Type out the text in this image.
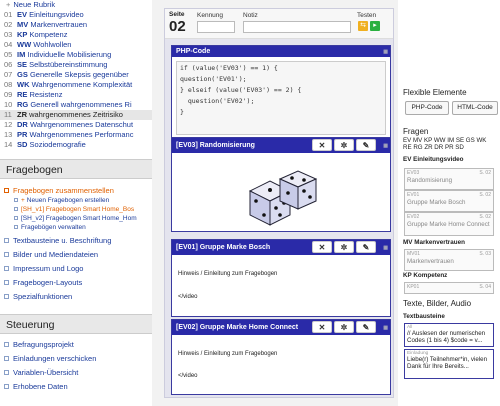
+ Neue Rubrik
01 EV Einleitungsvideo
02 MV Markenvertrauen
03 KP Kompetenz
04 WW Wohlwollen
05 IM Individuelle Mobilisierung
06 SE Selbstübereinstimmung
07 GS Generelle Skepsis gegenüber
08 WK Wahrgenommene Komplexität
09 RE Resistenz
10 RG Generell wahrgenommenes Ri
11 ZR wahrgenommenes Zeitrisiko
12 DR Wahrgenommenes Datenschut
13 PR Wahrgenommenes Performanc
14 SD Soziodemografie
Fragebogen
Fragebogen zusammenstellen
+ Neuen Fragebogen erstellen
[SH_v1] Fragebogen Smart Home_Bos
[SH_v2] Fragebogen Smart Home_Hom
Fragebögen verwalten
Textbausteine u. Beschriftung
Bilder und Mediendateien
Impressum und Logo
Fragebogen-Layouts
Spezialfunktionen
Steuerung
Befragungsprojekt
Einladungen verschicken
Variablen-Übersicht
Erhobene Daten
Seite
02
Kennung	Notiz	Testen
⇆	▸
PHP-Code	▦
if (value('EV03') == 1) {
question('EV01');
} elseif (value('EV03') == 2) {
question('EV02');
}
[EV03] Randomisierung	✕	✲	✎	▦
[EV01] Gruppe Marke Bosch	✕	✲	✎	▦
Hinweis / Einleitung zum Fragebogen
</video
[EV02] Gruppe Marke Home Connect	✕	✲	✎	▦
Hinweis / Einleitung zum Fragebogen
</video
Flexible Elemente
PHP-Code	HTML-Code
Fragen
EV MV KP WW IM SE GS WK RE RG ZR DR PR SD
EV Einleitungsvideo
EV03	S. 02
Randomisierung
EV01	S. 02
Gruppe Marke Bosch
EV02	S. 02
Gruppe Marke Home Connect
MV Markenvertrauen
MV01	S. 03
Markenvertrauen
KP Kompetenz
KP01	S. 04
Texte, Bilder, Audio
Textbausteine
All
// Auslesen der numerischen Codes (1 bis 4) $code = v...
Einladung
Liebe(r) Teilnehmer*in, vielen Dank für Ihre Bereits...
